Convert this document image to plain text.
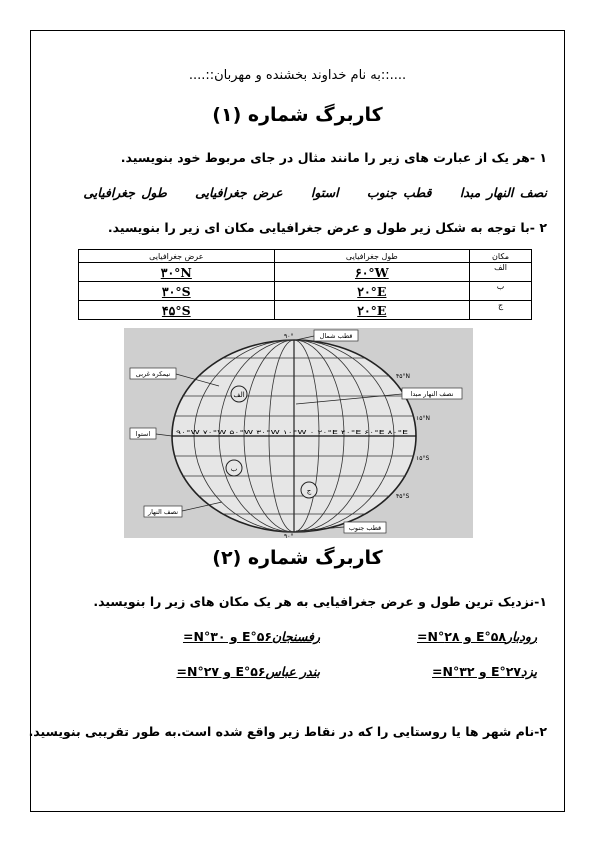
....::به نام خداوند بخشنده و مهربان::....
کاربرگ شماره (۱)
۱ -هر یک از عبارت های زیر را مانند مثال در جای مربوط خود بنویسید.
نصف النهار مبدا قطب جنوب استوا عرض جغرافیایی طول جغرافیایی
۲ -با توجه به شکل زیر طول و عرض جغرافیایی مکان ای زیر را بنویسید.
مکان	طول جغرافیایی	عرض جغرافیایی
الف	۶۰°W	۳۰°N
ب	۲۰°E	۳۰°S
ج	۲۰°E	۴۵°S
الف
ب
ج
قطب شمال
نیمکره غربی
نصف النهار مبدا
استوا
نصف النهار
قطب جنوب
۹۰°
۹۰°
۴۵°N
۱۵°N
۱۵°S
۴۵°S
۹۰°W ۷۰°W ۵۰°W ۳۰°W ۱۰°W ۰ ۲۰°E ۴۰°E ۶۰°E ۸۰°E
کاربرگ شماره (۲)
۱-نزدیک ترین طول و عرض جغرافیایی به هر یک مکان های زیر را بنویسید.
رودبار۵۸°E و ۲۸°N=
رفسنجان۵۶°E و ۳۰°N=
یزد۲۷°E و ۳۲°N=
بندر عباس۵۶°E و ۲۷°N=
۲-نام شهر ها یا روستایی را که در نقاط زیر واقع شده است.به طور تقریبی بنویسید.
